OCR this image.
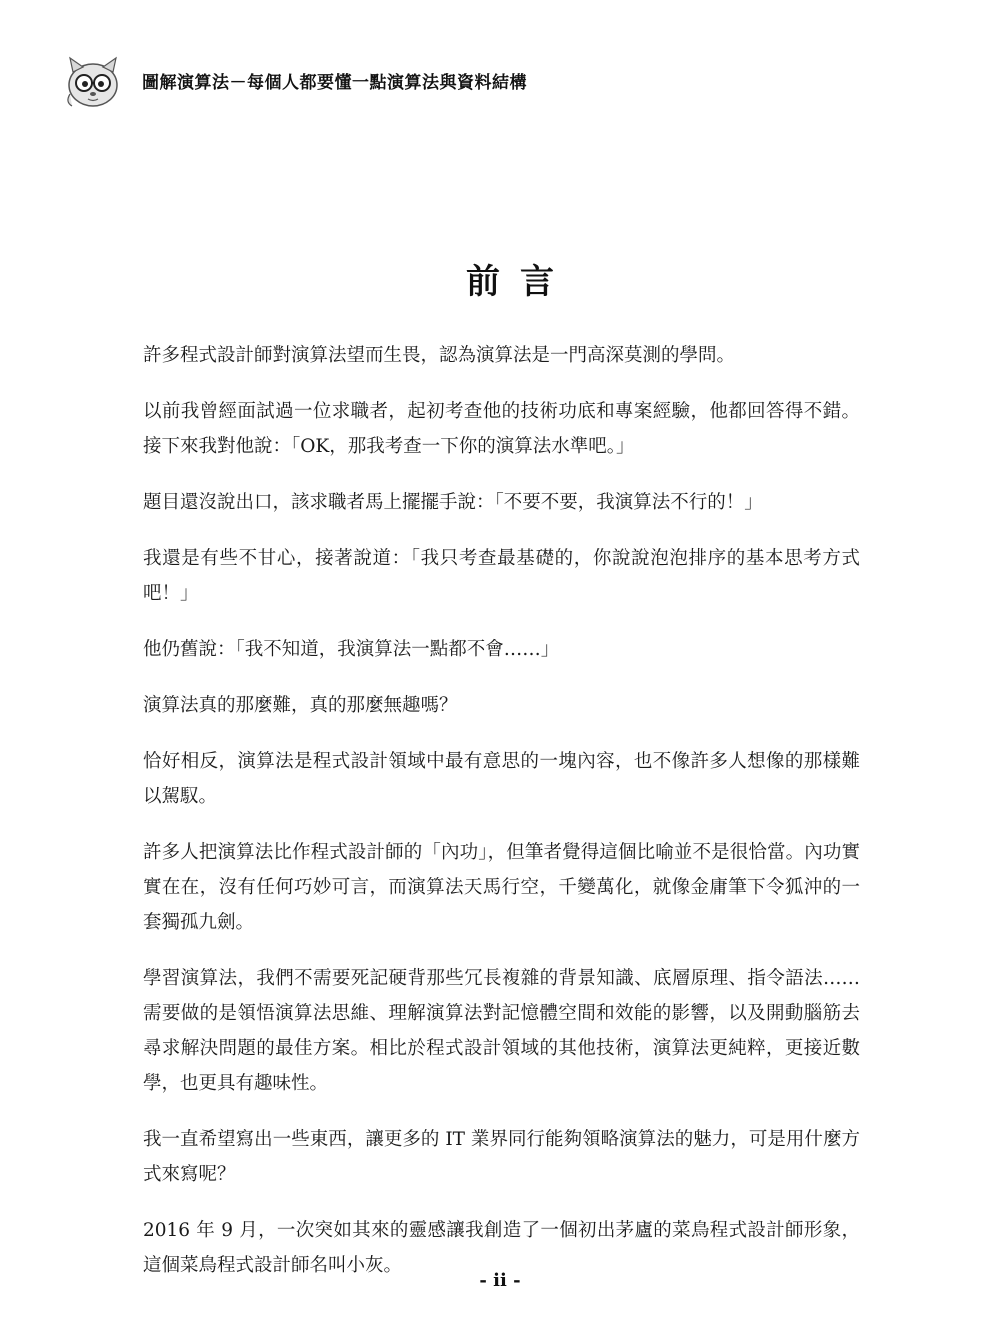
圖解演算法－每個人都要懂一點演算法與資料結構
前言

許多程式設計師對演算法望而生畏，認為演算法是一門高深莫測的學問。

以前我曾經面試過一位求職者，起初考查他的技術功底和專案經驗，他都回答得不錯。接下來我對他說：「OK，那我考查一下你的演算法水準吧。」

題目還沒說出口，該求職者馬上擺擺手說：「不要不要，我演算法不行的！」

我還是有些不甘心，接著說道：「我只考查最基礎的，你說說泡泡排序的基本思考方式吧！」

他仍舊說：「我不知道，我演算法一點都不會……」

演算法真的那麼難，真的那麼無趣嗎？

恰好相反，演算法是程式設計領域中最有意思的一塊內容，也不像許多人想像的那樣難以駕馭。

許多人把演算法比作程式設計師的「內功」，但筆者覺得這個比喻並不是很恰當。內功實實在在，沒有任何巧妙可言，而演算法天馬行空，千變萬化，就像金庸筆下令狐沖的一套獨孤九劍。

學習演算法，我們不需要死記硬背那些冗長複雜的背景知識、底層原理、指令語法……需要做的是領悟演算法思維、理解演算法對記憶體空間和效能的影響，以及開動腦筋去尋求解決問題的最佳方案。相比於程式設計領域的其他技術，演算法更純粹，更接近數學，也更具有趣味性。

我一直希望寫出一些東西，讓更多的 IT 業界同行能夠領略演算法的魅力，可是用什麼方式來寫呢？

2016 年 9 月，一次突如其來的靈感讓我創造了一個初出茅廬的菜鳥程式設計師形象，這個菜鳥程式設計師名叫小灰。

- ii -
